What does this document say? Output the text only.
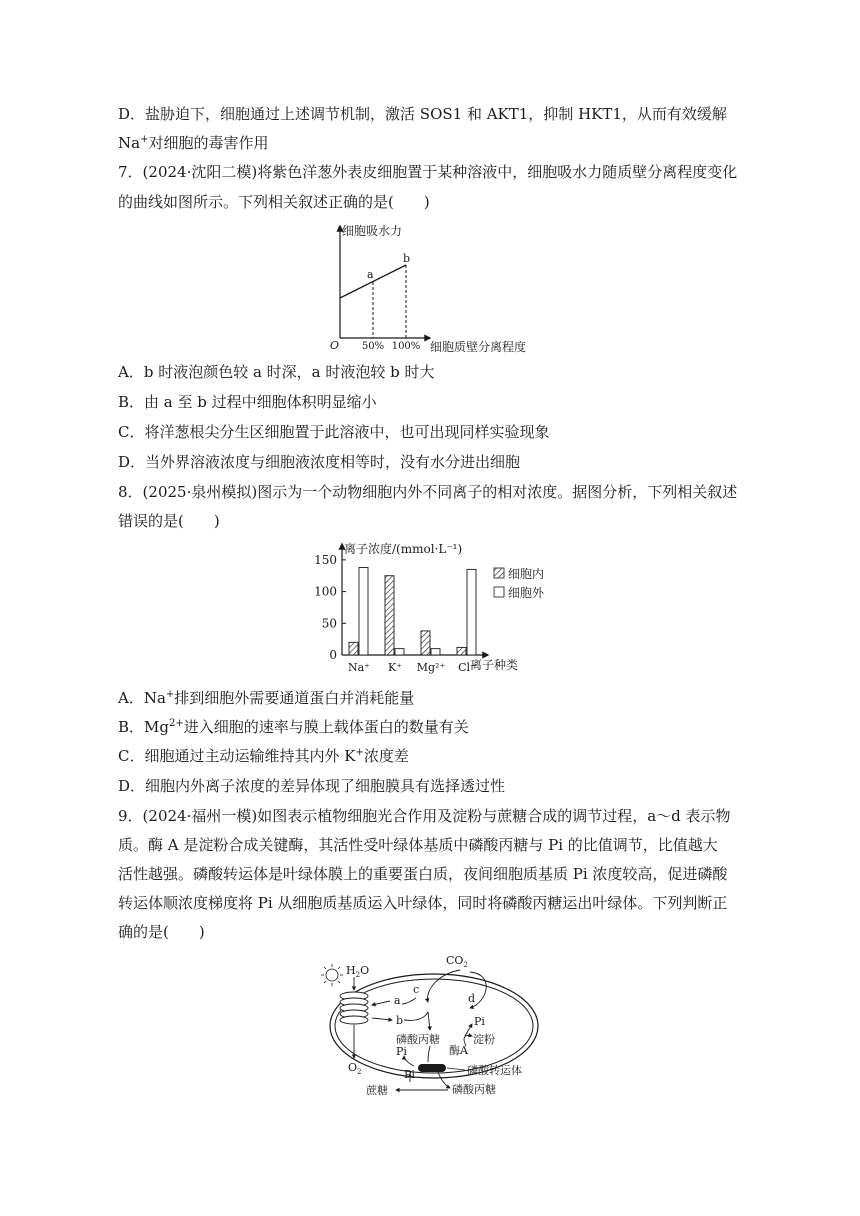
D．盐胁迫下，细胞通过上述调节机制，激活 SOS1 和 AKT1，抑制 HKT1，从而有效缓解
Na+对细胞的毒害作用
7．(2024·沈阳二模)将紫色洋葱外表皮细胞置于某种溶液中，细胞吸水力随质壁分离程度变化
的曲线如图所示。下列相关叙述正确的是(　　)
细胞吸水力
细胞质壁分离程度
O
a
b
50% 100%
A．b 时液泡颜色较 a 时深，a 时液泡较 b 时大
B．由 a 至 b 过程中细胞体积明显缩小
C．将洋葱根尖分生区细胞置于此溶液中，也可出现同样实验现象
D．当外界溶液浓度与细胞液浓度相等时，没有水分进出细胞
8．(2025·泉州模拟)图示为一个动物细胞内外不同离子的相对浓度。据图分析，下列相关叙述
错误的是(　　)
离子浓度/(mmol·L⁻¹)
离子种类
0
50
100
150
Na⁺ K⁺ Mg²⁺ Cl⁻
细胞内
细胞外
A．Na+排到细胞外需要通道蛋白并消耗能量
B．$Mg^{2+}$进入细胞的速率与膜上载体蛋白的数量有关
C．细胞通过主动运输维持其内外 K+浓度差
D．细胞内外离子浓度的差异体现了细胞膜具有选择透过性
9．(2024·福州一模)如图表示植物细胞光合作用及淀粉与蔗糖合成的调节过程，a～d 表示物
质。酶 A 是淀粉合成关键酶，其活性受叶绿体基质中磷酸丙糖与 Pi 的比值调节，比值越大
活性越强。磷酸转运体是叶绿体膜上的重要蛋白质，夜间细胞质基质 Pi 浓度较高，促进磷酸
转运体顺浓度梯度将 Pi 从细胞质基质运入叶绿体，同时将磷酸丙糖运出叶绿体。下列判断正
确的是(　　)
$H_2O$
$O_2$
a
b
$CO_2$
c
d
Pi
淀粉
磷酸丙糖
酶A
Pi
磷酸转运体
Pi
磷酸丙糖
蔗糖
